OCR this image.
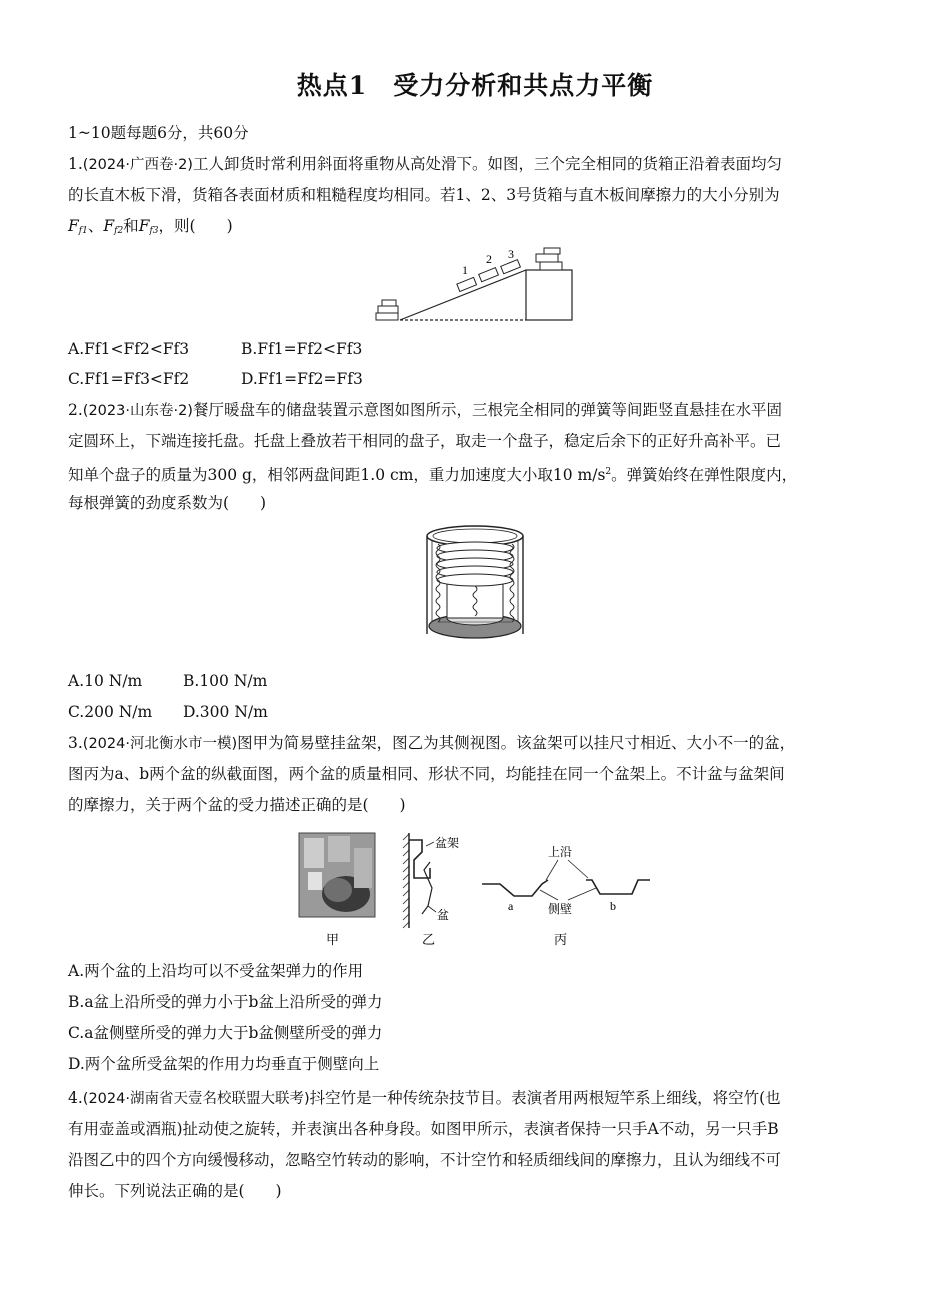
热点1　受力分析和共点力平衡
1~10题每题6分，共60分
1.(2024·广西卷·2)工人卸货时常利用斜面将重物从高处滑下。如图，三个完全相同的货箱正沿着表面均匀
的长直木板下滑，货箱各表面材质和粗糙程度均相同。若1、2、3号货箱与直木板间摩擦力的大小分别为
$F_{f1}$、$F_{f2}$和$F_{f3}$，则(　　)
1
2 3
A.Ff1<Ff2<Ff3	B.Ff1=Ff2<Ff3
C.Ff1=Ff3<Ff2	D.Ff1=Ff2=Ff3
2.(2023·山东卷·2)餐厅暖盘车的储盘装置示意图如图所示，三根完全相同的弹簧等间距竖直悬挂在水平固
定圆环上，下端连接托盘。托盘上叠放若干相同的盘子，取走一个盘子，稳定后余下的正好升高补平。已
知单个盘子的质量为300 g，相邻两盘间距1.0 cm，重力加速度大小取10 $m/s^2$。弹簧始终在弹性限度内，
每根弹簧的劲度系数为(　　)
A.10 N/m	B.100 N/m
C.200 N/m D.300 N/m
3.(2024·河北衡水市一模)图甲为简易壁挂盆架，图乙为其侧视图。该盆架可以挂尺寸相近、大小不一的盆，
图丙为a、b两个盆的纵截面图，两个盆的质量相同、形状不同，均能挂在同一个盆架上。不计盆与盆架间
的摩擦力，关于两个盆的受力描述正确的是(　　)
甲
盆架
盆
乙
上沿
侧壁
a	b
丙
A.两个盆的上沿均可以不受盆架弹力的作用
B.a盆上沿所受的弹力小于b盆上沿所受的弹力
C.a盆侧壁所受的弹力大于b盆侧壁所受的弹力
D.两个盆所受盆架的作用力均垂直于侧壁向上
4.(2024·湖南省天壹名校联盟大联考)抖空竹是一种传统杂技节目。表演者用两根短竿系上细线，将空竹(也
有用壶盖或酒瓶)扯动使之旋转，并表演出各种身段。如图甲所示，表演者保持一只手A不动，另一只手B
沿图乙中的四个方向缓慢移动，忽略空竹转动的影响，不计空竹和轻质细线间的摩擦力，且认为细线不可
伸长。下列说法正确的是(　　)
